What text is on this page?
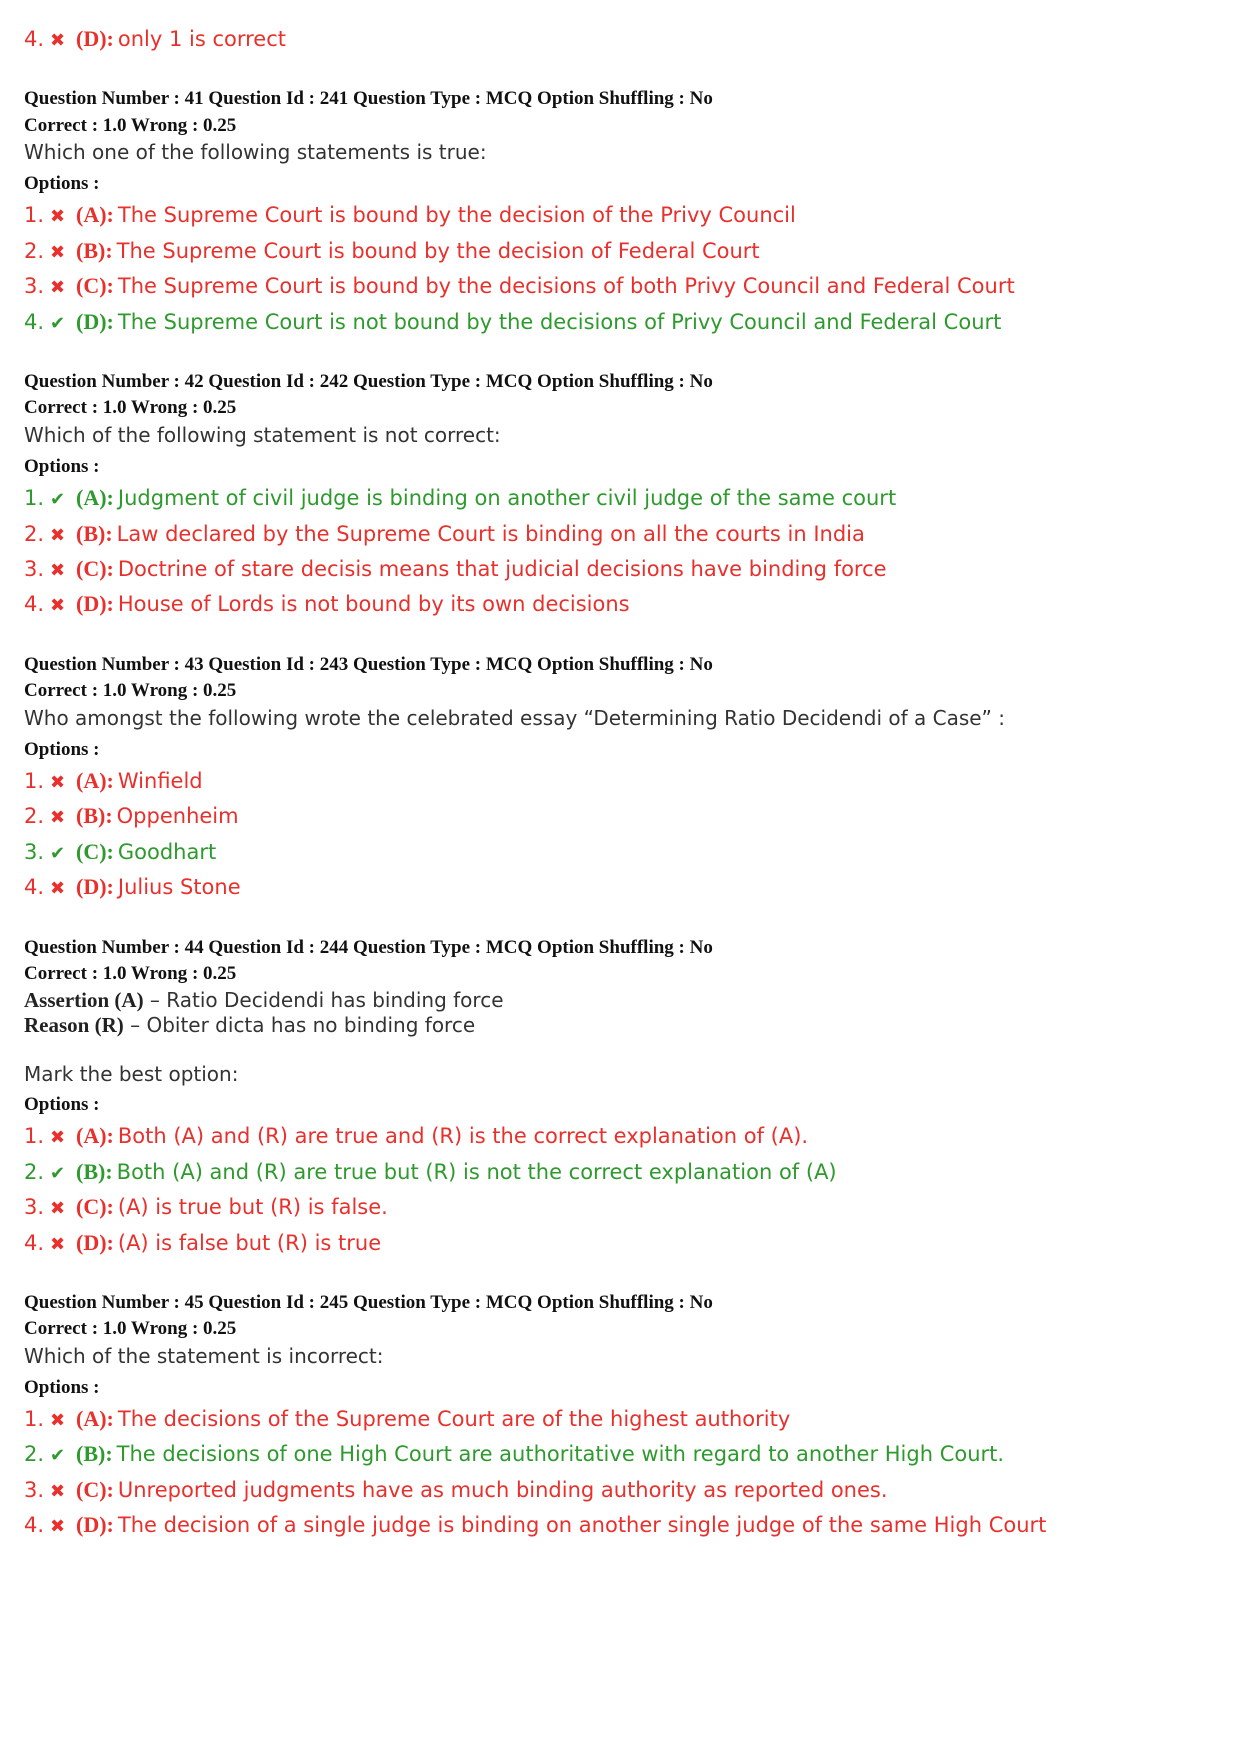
4. ✖ (D): only 1 is correct
Question Number : 41 Question Id : 241 Question Type : MCQ Option Shuffling : No
Correct : 1.0 Wrong : 0.25
Which one of the following statements is true:
Options :
1. ✖ (A): The Supreme Court is bound by the decision of the Privy Council
2. ✖ (B): The Supreme Court is bound by the decision of Federal Court
3. ✖ (C): The Supreme Court is bound by the decisions of both Privy Council and Federal Court
4. ✔ (D): The Supreme Court is not bound by the decisions of Privy Council and Federal Court
Question Number : 42 Question Id : 242 Question Type : MCQ Option Shuffling : No
Correct : 1.0 Wrong : 0.25
Which of the following statement is not correct:
Options :
1. ✔ (A): Judgment of civil judge is binding on another civil judge of the same court
2. ✖ (B): Law declared by the Supreme Court is binding on all the courts in India
3. ✖ (C): Doctrine of stare decisis means that judicial decisions have binding force
4. ✖ (D): House of Lords is not bound by its own decisions
Question Number : 43 Question Id : 243 Question Type : MCQ Option Shuffling : No
Correct : 1.0 Wrong : 0.25
Who amongst the following wrote the celebrated essay “Determining Ratio Decidendi of a Case” :
Options :
1. ✖ (A): Winfield
2. ✖ (B): Oppenheim
3. ✔ (C): Goodhart
4. ✖ (D): Julius Stone
Question Number : 44 Question Id : 244 Question Type : MCQ Option Shuffling : No
Correct : 1.0 Wrong : 0.25
Assertion (A) – Ratio Decidendi has binding force
Reason (R) – Obiter dicta has no binding force
Mark the best option:
Options :
1. ✖ (A): Both (A) and (R) are true and (R) is the correct explanation of (A).
2. ✔ (B): Both (A) and (R) are true but (R) is not the correct explanation of (A)
3. ✖ (C): (A) is true but (R) is false.
4. ✖ (D): (A) is false but (R) is true
Question Number : 45 Question Id : 245 Question Type : MCQ Option Shuffling : No
Correct : 1.0 Wrong : 0.25
Which of the statement is incorrect:
Options :
1. ✖ (A): The decisions of the Supreme Court are of the highest authority
2. ✔ (B): The decisions of one High Court are authoritative with regard to another High Court.
3. ✖ (C): Unreported judgments have as much binding authority as reported ones.
4. ✖ (D): The decision of a single judge is binding on another single judge of the same High Court
